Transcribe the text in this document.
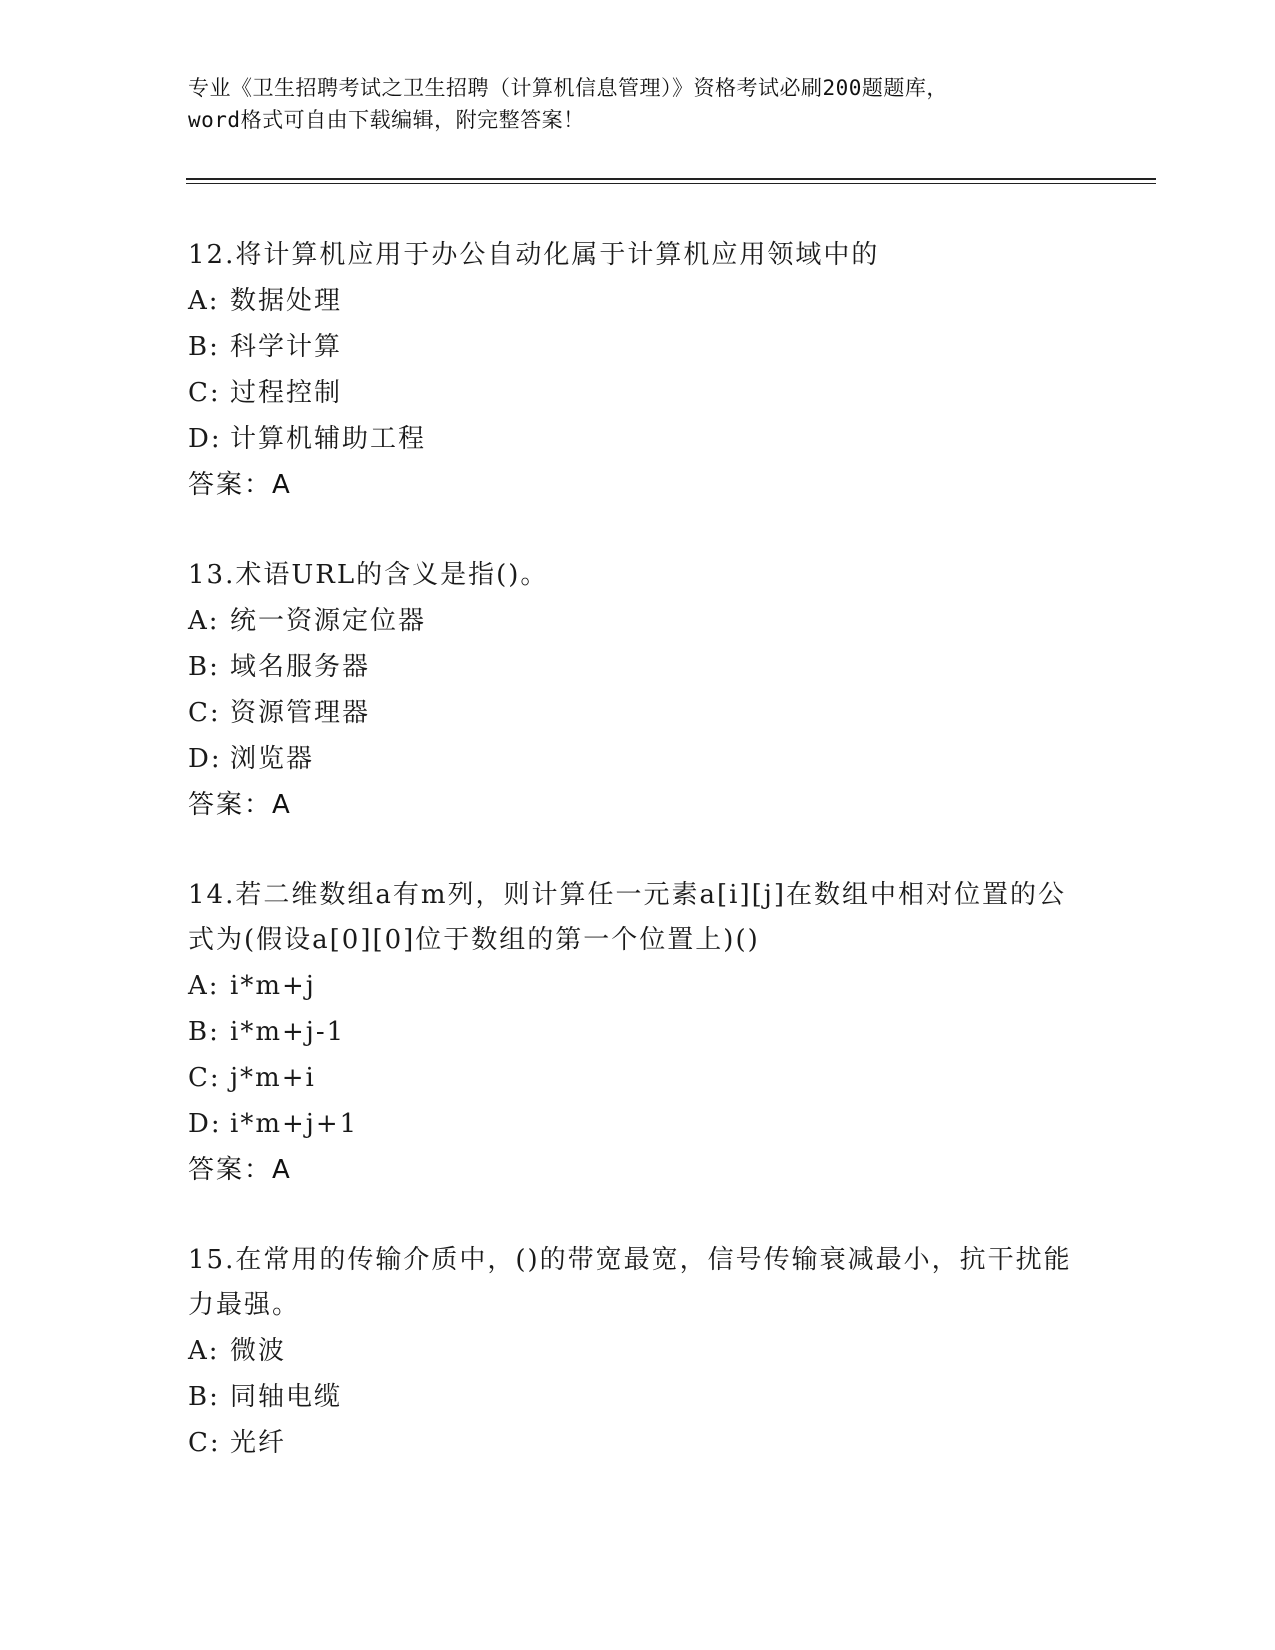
专业《卫生招聘考试之卫生招聘（计算机信息管理）》资格考试必刷200题题库，
word格式可自由下载编辑，附完整答案！
12.将计算机应用于办公自动化属于计算机应用领域中的
A: 数据处理
B: 科学计算
C: 过程控制
D: 计算机辅助工程
答案：A
13.术语URL的含义是指()。
A: 统一资源定位器
B: 域名服务器
C: 资源管理器
D: 浏览器
答案：A
14.若二维数组a有m列，则计算任一元素a[i][j]在数组中相对位置的公式为(假设a[0][0]位于数组的第一个位置上)()
A: i*m+j
B: i*m+j-1
C: j*m+i
D: i*m+j+1
答案：A
15.在常用的传输介质中，()的带宽最宽，信号传输衰减最小，抗干扰能力最强。
A: 微波
B: 同轴电缆
C: 光纤
